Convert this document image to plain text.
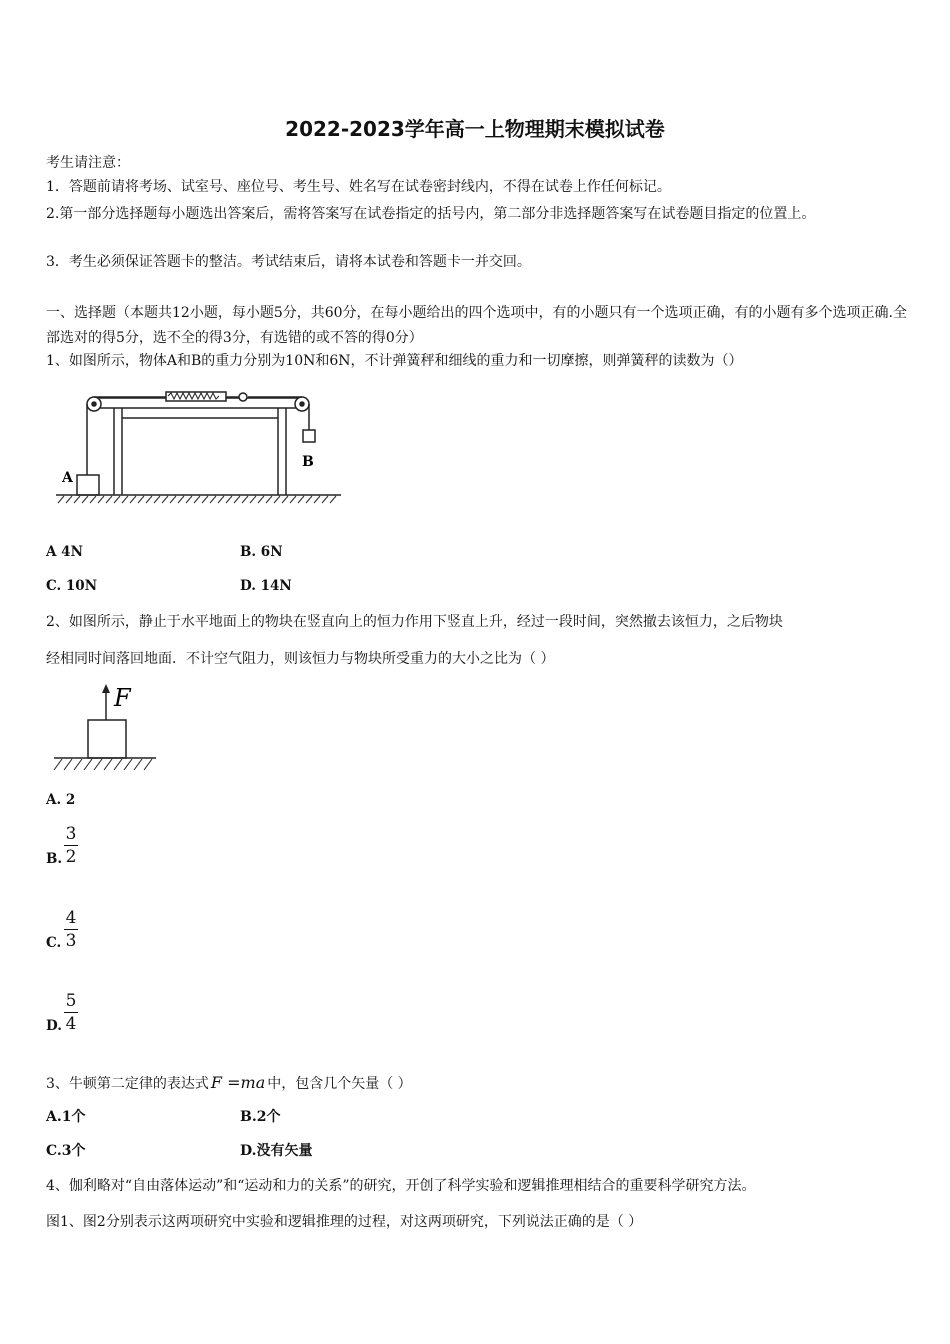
2022-2023学年高一上物理期末模拟试卷
考生请注意：
1．答题前请将考场、试室号、座位号、考生号、姓名写在试卷密封线内，不得在试卷上作任何标记。
2.第一部分选择题每小题选出答案后，需将答案写在试卷指定的括号内，第二部分非选择题答案写在试卷题目指定的位置上。
3．考生必须保证答题卡的整洁。考试结束后，请将本试卷和答题卡一并交回。
一、选择题（本题共12小题，每小题5分，共60分，在每小题给出的四个选项中，有的小题只有一个选项正确，有的小题有多个选项正确.全部选对的得5分，选不全的得3分，有选错的或不答的得0分）
1、如图所示，物体A和B的重力分别为10N和6N，不计弹簧秤和细线的重力和一切摩擦，则弹簧秤的读数为（）
A
B
A 4N	B. 6N
C. 10N	D. 14N
2、如图所示，静止于水平地面上的物块在竖直向上的恒力作用下竖直上升，经过一段时间，突然撤去该恒力，之后物块
经相同时间落回地面．不计空气阻力，则该恒力与物块所受重力的大小之比为（ ）
F
A. 2
B.
3
2
C.
4
3
D.
5
4
3、牛顿第二定律的表达式 F =ma 中，包含几个矢量（ ）
A.1个	B.2个
C.3个	D.没有矢量
4、伽利略对“自由落体运动”和“运动和力的关系”的研究，开创了科学实验和逻辑推理相结合的重要科学研究方法。
图1、图2分别表示这两项研究中实验和逻辑推理的过程，对这两项研究，下列说法正确的是（ ）
